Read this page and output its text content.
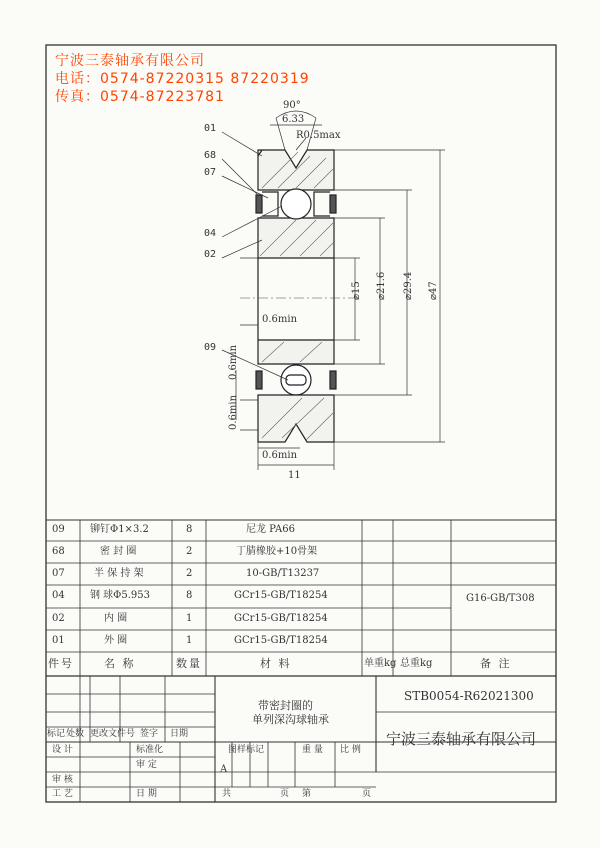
宁波三泰轴承有限公司
电话：0574-87220315 87220319
传真：0574-87223781
01
68
07
04
02
09
90°
6.33
R0.5max
⌀15 ⌀21.6 ⌀29.4 ⌀47
0.6min
0.6min
0.6min
0.6min
11
09	铆钉Φ1×3.2	8	尼龙 PA66
68	密 封 圈	2	丁腈橡胶+10骨架
07	半 保 持 架	2	10-GB/T13237
04	钢 球Φ5.953	8	GCr15-GB/T18254
02	内 圈	1	GCr15-GB/T18254
01	外 圈	1	GCr15-GB/T18254
G16-GB/T308
件号	名 称	数量	材 料	单重kg 总重kg	备 注
带密封圈的
单列深沟球轴承
STB0054-R62021300
宁波三泰轴承有限公司
标记 处数 更改文件号 签字 日期
设 计
审 核
工 艺
标准化
审 定
日 期
图样标记	重 量 比 例
A
共	页 第	页
